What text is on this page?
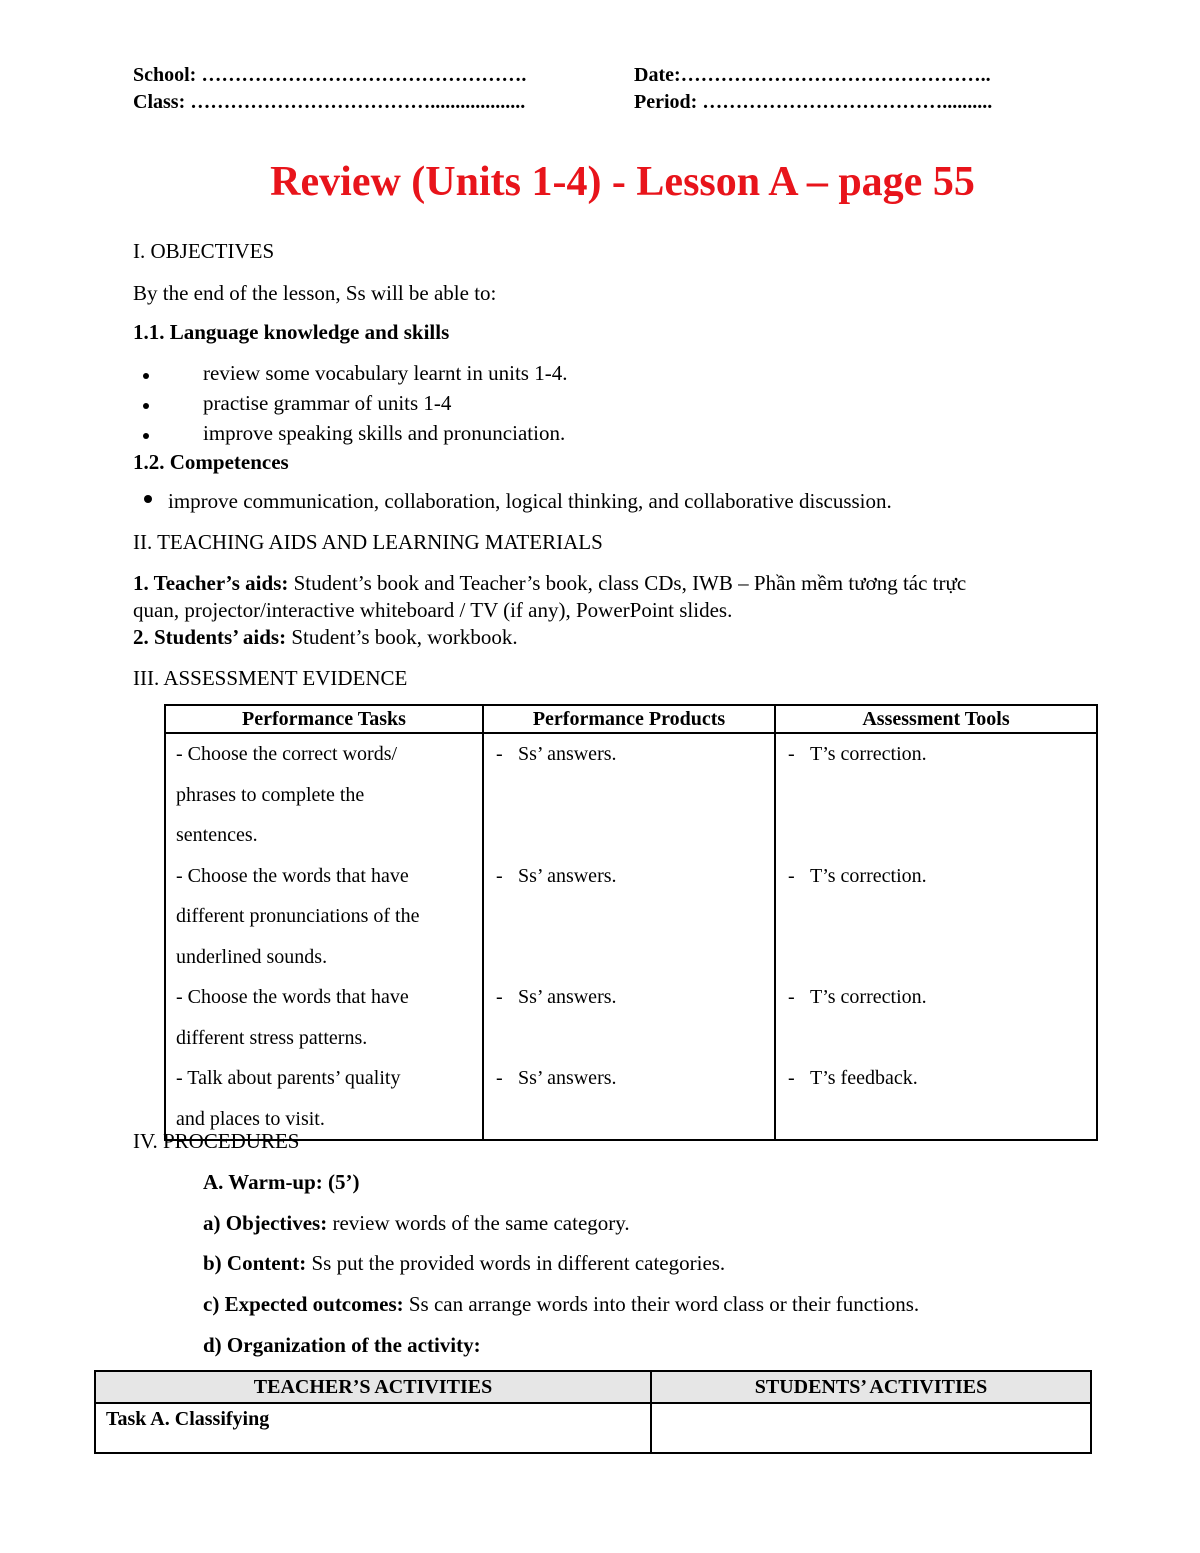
School: ………………………………………….	Date:………………………………………..
Class: ………………………………...................	Period: ………………………………..........
Review (Units 1-4) - Lesson A – page 55
I. OBJECTIVES
By the end of the lesson, Ss will be able to:
1.1. Language knowledge and skills
review some vocabulary learnt in units 1-4.
practise grammar of units 1-4
improve speaking skills and pronunciation.
1.2. Competences
improve communication, collaboration, logical thinking, and collaborative discussion.
II. TEACHING AIDS AND LEARNING MATERIALS
1. Teacher’s aids: Student’s book and Teacher’s book, class CDs, IWB – Phần mềm tương tác trực
quan, projector/interactive whiteboard / TV (if any), PowerPoint slides.
2. Students’ aids: Student’s book, workbook.
III. ASSESSMENT EVIDENCE
Performance Tasks	Performance Products	Assessment Tools

- Choose the correct words/
phrases to complete the
sentences.	- Ss’ answers.	- T’s correction.

- Choose the words that have
different pronunciations of the
underlined sounds.	- Ss’ answers.	- T’s correction.

- Choose the words that have
different stress patterns.	- Ss’ answers.	- T’s correction.

- Talk about parents’ quality
and places to visit.	- Ss’ answers.	- T’s feedback.
IV. PROCEDURES
A. Warm-up: (5’)
a) Objectives: review words of the same category.
b) Content: Ss put the provided words in different categories.
c) Expected outcomes: Ss can arrange words into their word class or their functions.
d) Organization of the activity:
TEACHER’S ACTIVITIES	STUDENTS’ ACTIVITIES
Task A. Classifying	
